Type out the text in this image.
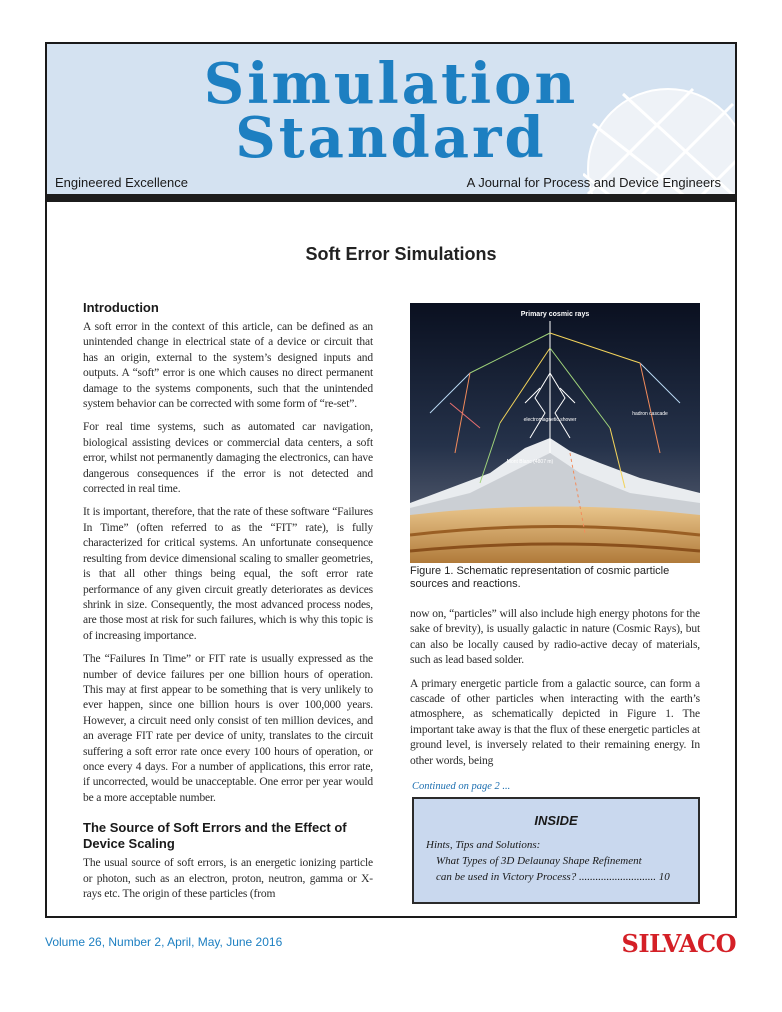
Simulation
Standard
Engineered Excellence	A Journal for Process and Device Engineers
Soft Error Simulations
Introduction

A soft error in the context of this article, can be defined as an unintended change in electrical state of a device or circuit that has an origin, external to the system’s designed inputs and outputs. A “soft” error is one which causes no direct permanent damage to the systems components, such that the unintended system behavior can be corrected with some form of “re-set”.

For real time systems, such as automated car navigation, biological assisting devices or commercial data centers, a soft error, whilst not permanently damaging the electronics, can have dangerous consequences if the error is not detected and corrected in real time.

It is important, therefore, that the rate of these software “Failures In Time” (often referred to as the “FIT” rate), is fully characterized for critical systems. An unfortunate consequence resulting from device dimensional scaling to smaller geometries, is that all other things being equal, the soft error rate performance of any given circuit greatly deteriorates as devices shrink in size. Consequently, the most advanced process nodes, are those most at risk for such failures, which is why this topic is of increasing importance.

The “Failures In Time” or FIT rate is usually expressed as the number of device failures per one billion hours of operation. This may at first appear to be something that is very unlikely to ever happen, since one billion hours is over 100,000 years. However, a circuit need only consist of ten million devices, and an average FIT rate per device of unity, translates to the circuit suffering a soft error rate once every 100 hours of operation, or once every 4 days. For a number of applications, this error rate, if uncorrected, would be unacceptable. One error per year would be a more acceptable number.

The Source of Soft Errors and the Effect of Device Scaling

The usual source of soft errors, is an energetic ionizing particle or photon, such as an electron, proton, neutron, gamma or X-rays etc. The origin of these particles (from

Primary cosmic rays
electromagnetic shower
hadron cascade
Mont Blanc (4807 m)
Figure 1. Schematic representation of cosmic particle sources and reactions.

now on, “particles” will also include high energy photons for the sake of brevity), is usually galactic in nature (Cosmic Rays), but can also be locally caused by radio-active decay of materials, such as lead based solder.

A primary energetic particle from a galactic source, can form a cascade of other particles when interacting with the earth’s atmosphere, as schematically depicted in Figure 1. The important take away is that the flux of these energetic particles at ground level, is inversely related to their remaining energy. In other words, being

Continued on page 2 ...
INSIDE
Hints, Tips and Solutions:
What Types of 3D Delaunay Shape Refinement
can be used in Victory Process? ............................ 10
Volume 26, Number 2, April, May, June 2016	SILVACO
